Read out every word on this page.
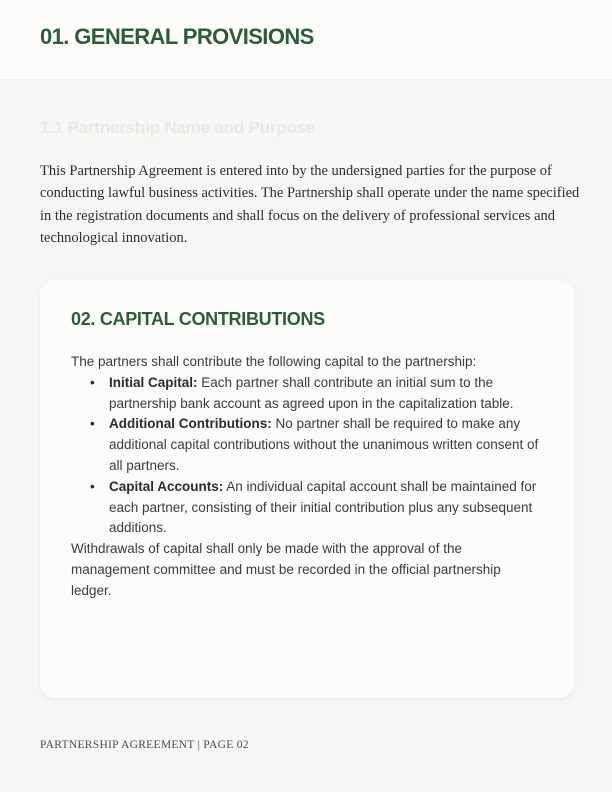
01. GENERAL PROVISIONS
1.1 Partnership Name and Purpose

This Partnership Agreement is entered into by the undersigned parties for the purpose of conducting lawful business activities. The Partnership shall operate under the name specified in the registration documents and shall focus on the delivery of professional services and technological innovation.

02. CAPITAL CONTRIBUTIONS

The partners shall contribute the following capital to the partnership:

• Initial Capital: Each partner shall contribute an initial sum to the partnership bank account as agreed upon in the capitalization table.
• Additional Contributions: No partner shall be required to make any additional capital contributions without the unanimous written consent of all partners.
• Capital Accounts: An individual capital account shall be maintained for each partner, consisting of their initial contribution plus any subsequent additions.

Withdrawals of capital shall only be made with the approval of the management committee and must be recorded in the official partnership ledger.

PARTNERSHIP AGREEMENT | PAGE 02
